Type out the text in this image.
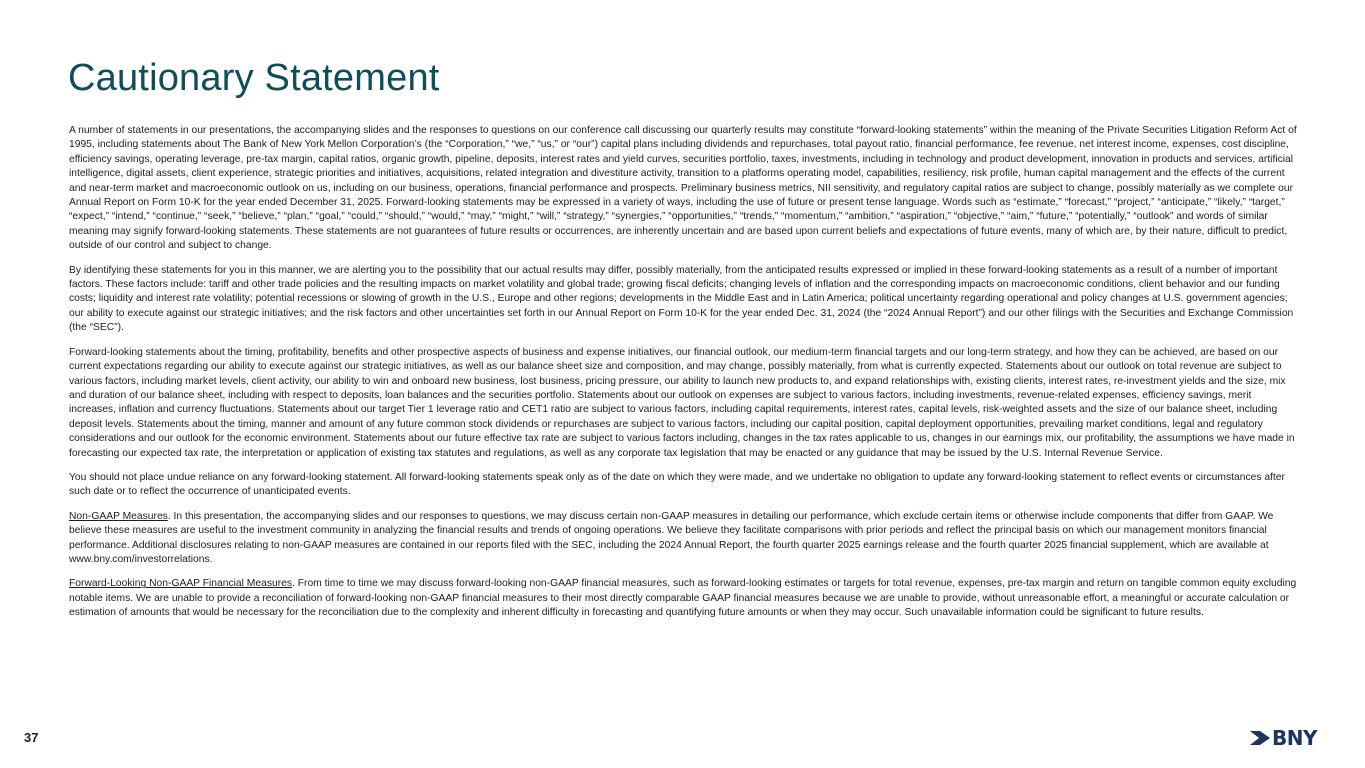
Cautionary Statement

A number of statements in our presentations, the accompanying slides and the responses to questions on our conference call discussing our quarterly results may constitute “forward-looking statements” within the meaning of the Private Securities Litigation Reform Act of 1995, including statements about The Bank of New York Mellon Corporation’s (the “Corporation,” “we,” “us,” or “our”) capital plans including dividends and repurchases, total payout ratio, financial performance, fee revenue, net interest income, expenses, cost discipline, efficiency savings, operating leverage, pre-tax margin, capital ratios, organic growth, pipeline, deposits, interest rates and yield curves, securities portfolio, taxes, investments, including in technology and product development, innovation in products and services, artificial intelligence, digital assets, client experience, strategic priorities and initiatives, acquisitions, related integration and divestiture activity, transition to a platforms operating model, capabilities, resiliency, risk profile, human capital management and the effects of the current and near-term market and macroeconomic outlook on us, including on our business, operations, financial performance and prospects. Preliminary business metrics, NII sensitivity, and regulatory capital ratios are subject to change, possibly materially as we complete our Annual Report on Form 10-K for the year ended December 31, 2025. Forward-looking statements may be expressed in a variety of ways, including the use of future or present tense language. Words such as “estimate,” “forecast,” “project,” “anticipate,” “likely,” “target,” “expect,” “intend,” “continue,” “seek,” “believe,” “plan,” “goal,” “could,” “should,” “would,” “may,” “might,” “will,” “strategy,” “synergies,” “opportunities,” “trends,” “momentum,” “ambition,” “aspiration,” “objective,” “aim,” “future,” “potentially,” “outlook” and words of similar meaning may signify forward-looking statements. These statements are not guarantees of future results or occurrences, are inherently uncertain and are based upon current beliefs and expectations of future events, many of which are, by their nature, difficult to predict, outside of our control and subject to change.

By identifying these statements for you in this manner, we are alerting you to the possibility that our actual results may differ, possibly materially, from the anticipated results expressed or implied in these forward-looking statements as a result of a number of important factors. These factors include: tariff and other trade policies and the resulting impacts on market volatility and global trade; growing fiscal deficits; changing levels of inflation and the corresponding impacts on macroeconomic conditions, client behavior and our funding costs; liquidity and interest rate volatility; potential recessions or slowing of growth in the U.S., Europe and other regions; developments in the Middle East and in Latin America; political uncertainty regarding operational and policy changes at U.S. government agencies; our ability to execute against our strategic initiatives; and the risk factors and other uncertainties set forth in our Annual Report on Form 10-K for the year ended Dec. 31, 2024 (the “2024 Annual Report”) and our other filings with the Securities and Exchange Commission (the “SEC”).

Forward-looking statements about the timing, profitability, benefits and other prospective aspects of business and expense initiatives, our financial outlook, our medium-term financial targets and our long-term strategy, and how they can be achieved, are based on our current expectations regarding our ability to execute against our strategic initiatives, as well as our balance sheet size and composition, and may change, possibly materially, from what is currently expected. Statements about our outlook on total revenue are subject to various factors, including market levels, client activity, our ability to win and onboard new business, lost business, pricing pressure, our ability to launch new products to, and expand relationships with, existing clients, interest rates, re-investment yields and the size, mix and duration of our balance sheet, including with respect to deposits, loan balances and the securities portfolio. Statements about our outlook on expenses are subject to various factors, including investments, revenue-related expenses, efficiency savings, merit increases, inflation and currency fluctuations. Statements about our target Tier 1 leverage ratio and CET1 ratio are subject to various factors, including capital requirements, interest rates, capital levels, risk-weighted assets and the size of our balance sheet, including deposit levels. Statements about the timing, manner and amount of any future common stock dividends or repurchases are subject to various factors, including our capital position, capital deployment opportunities, prevailing market conditions, legal and regulatory considerations and our outlook for the economic environment. Statements about our future effective tax rate are subject to various factors including, changes in the tax rates applicable to us, changes in our earnings mix, our profitability, the assumptions we have made in forecasting our expected tax rate, the interpretation or application of existing tax statutes and regulations, as well as any corporate tax legislation that may be enacted or any guidance that may be issued by the U.S. Internal Revenue Service.

You should not place undue reliance on any forward-looking statement. All forward-looking statements speak only as of the date on which they were made, and we undertake no obligation to update any forward-looking statement to reflect events or circumstances after such date or to reflect the occurrence of unanticipated events.

Non-GAAP Measures. In this presentation, the accompanying slides and our responses to questions, we may discuss certain non-GAAP measures in detailing our performance, which exclude certain items or otherwise include components that differ from GAAP. We believe these measures are useful to the investment community in analyzing the financial results and trends of ongoing operations. We believe they facilitate comparisons with prior periods and reflect the principal basis on which our management monitors financial performance. Additional disclosures relating to non-GAAP measures are contained in our reports filed with the SEC, including the 2024 Annual Report, the fourth quarter 2025 earnings release and the fourth quarter 2025 financial supplement, which are available at www.bny.com/investorrelations.

Forward-Looking Non-GAAP Financial Measures. From time to time we may discuss forward-looking non-GAAP financial measures, such as forward-looking estimates or targets for total revenue, expenses, pre-tax margin and return on tangible common equity excluding notable items. We are unable to provide a reconciliation of forward-looking non-GAAP financial measures to their most directly comparable GAAP financial measures because we are unable to provide, without unreasonable effort, a meaningful or accurate calculation or estimation of amounts that would be necessary for the reconciliation due to the complexity and inherent difficulty in forecasting and quantifying future amounts or when they may occur. Such unavailable information could be significant to future results.

37	BNY
